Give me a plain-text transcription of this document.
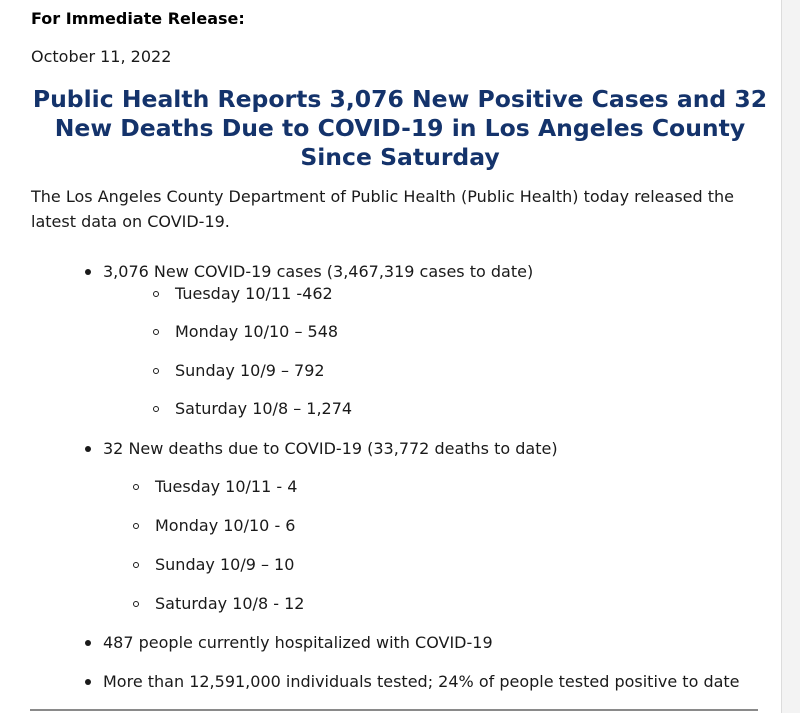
For Immediate Release:

October 11, 2022

Public Health Reports 3,076 New Positive Cases and 32 New Deaths Due to COVID-19 in Los Angeles County Since Saturday

The Los Angeles County Department of Public Health (Public Health) today released the latest data on COVID-19.

3,076 New COVID-19 cases (3,467,319 cases to date)
Tuesday 10/11 -462
Monday 10/10 – 548
Sunday 10/9 – 792
Saturday 10/8 – 1,274
32 New deaths due to COVID-19 (33,772 deaths to date)
Tuesday 10/11 - 4
Monday 10/10 - 6
Sunday 10/9 – 10
Saturday 10/8 - 12
487 people currently hospitalized with COVID-19
More than 12,591,000 individuals tested; 24% of people tested positive to date
